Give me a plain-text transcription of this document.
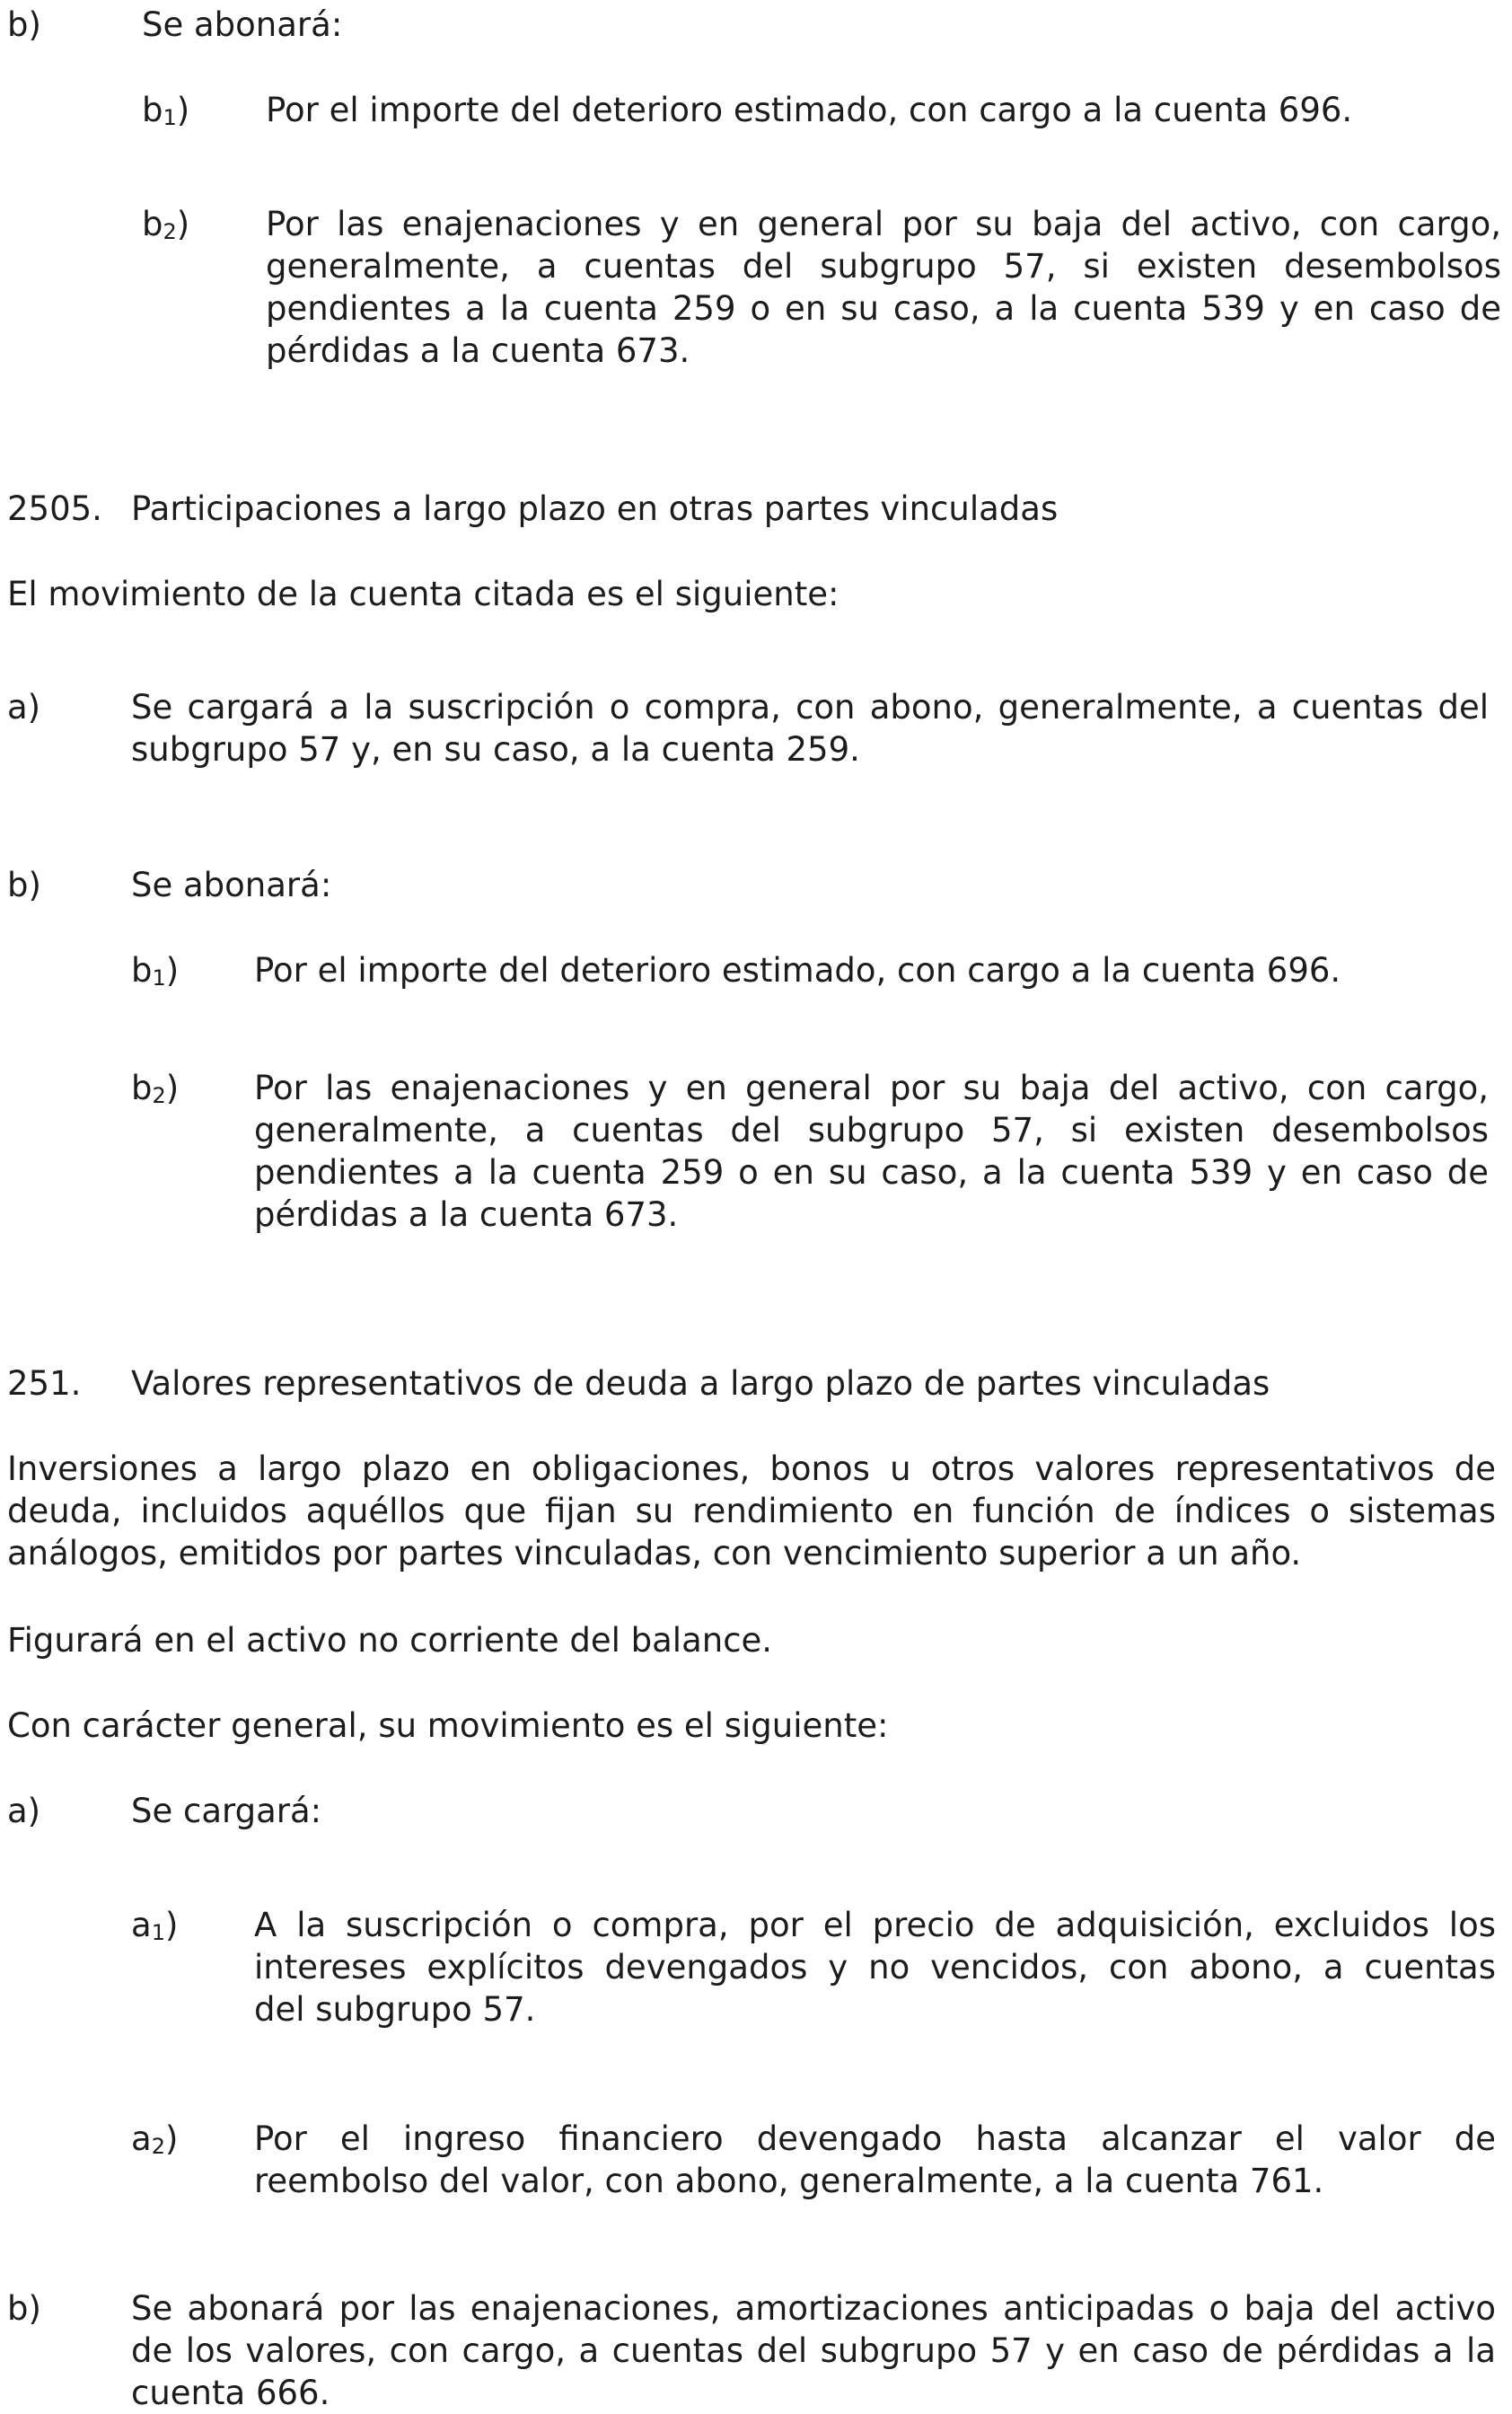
b)	Se abonará:
$b_1$) Por el importe del deterioro estimado, con cargo a la cuenta 696.
$b_2$) Por las enajenaciones y en general por su baja del activo, con cargo,
generalmente, a cuentas del subgrupo 57, si existen desembolsos
pendientes a la cuenta 259 o en su caso, a la cuenta 539 y en caso de
pérdidas a la cuenta 673.
2505. Participaciones a largo plazo en otras partes vinculadas
El movimiento de la cuenta citada es el siguiente:
a)	Se cargará a la suscripción o compra, con abono, generalmente, a cuentas del
subgrupo 57 y, en su caso, a la cuenta 259.
b)	Se abonará:
$b_1$) Por el importe del deterioro estimado, con cargo a la cuenta 696.
$b_2$) Por las enajenaciones y en general por su baja del activo, con cargo,
generalmente, a cuentas del subgrupo 57, si existen desembolsos
pendientes a la cuenta 259 o en su caso, a la cuenta 539 y en caso de
pérdidas a la cuenta 673.
251. Valores representativos de deuda a largo plazo de partes vinculadas
Inversiones a largo plazo en obligaciones, bonos u otros valores representativos de
deuda, incluidos aquéllos que fijan su rendimiento en función de índices o sistemas
análogos, emitidos por partes vinculadas, con vencimiento superior a un año.
Figurará en el activo no corriente del balance.
Con carácter general, su movimiento es el siguiente:
a)	Se cargará:
$a_1$) A la suscripción o compra, por el precio de adquisición, excluidos los
intereses explícitos devengados y no vencidos, con abono, a cuentas
del subgrupo 57.
$a_2$) Por el ingreso financiero devengado hasta alcanzar el valor de
reembolso del valor, con abono, generalmente, a la cuenta 761.
b)	Se abonará por las enajenaciones, amortizaciones anticipadas o baja del activo
de los valores, con cargo, a cuentas del subgrupo 57 y en caso de pérdidas a la
cuenta 666.
